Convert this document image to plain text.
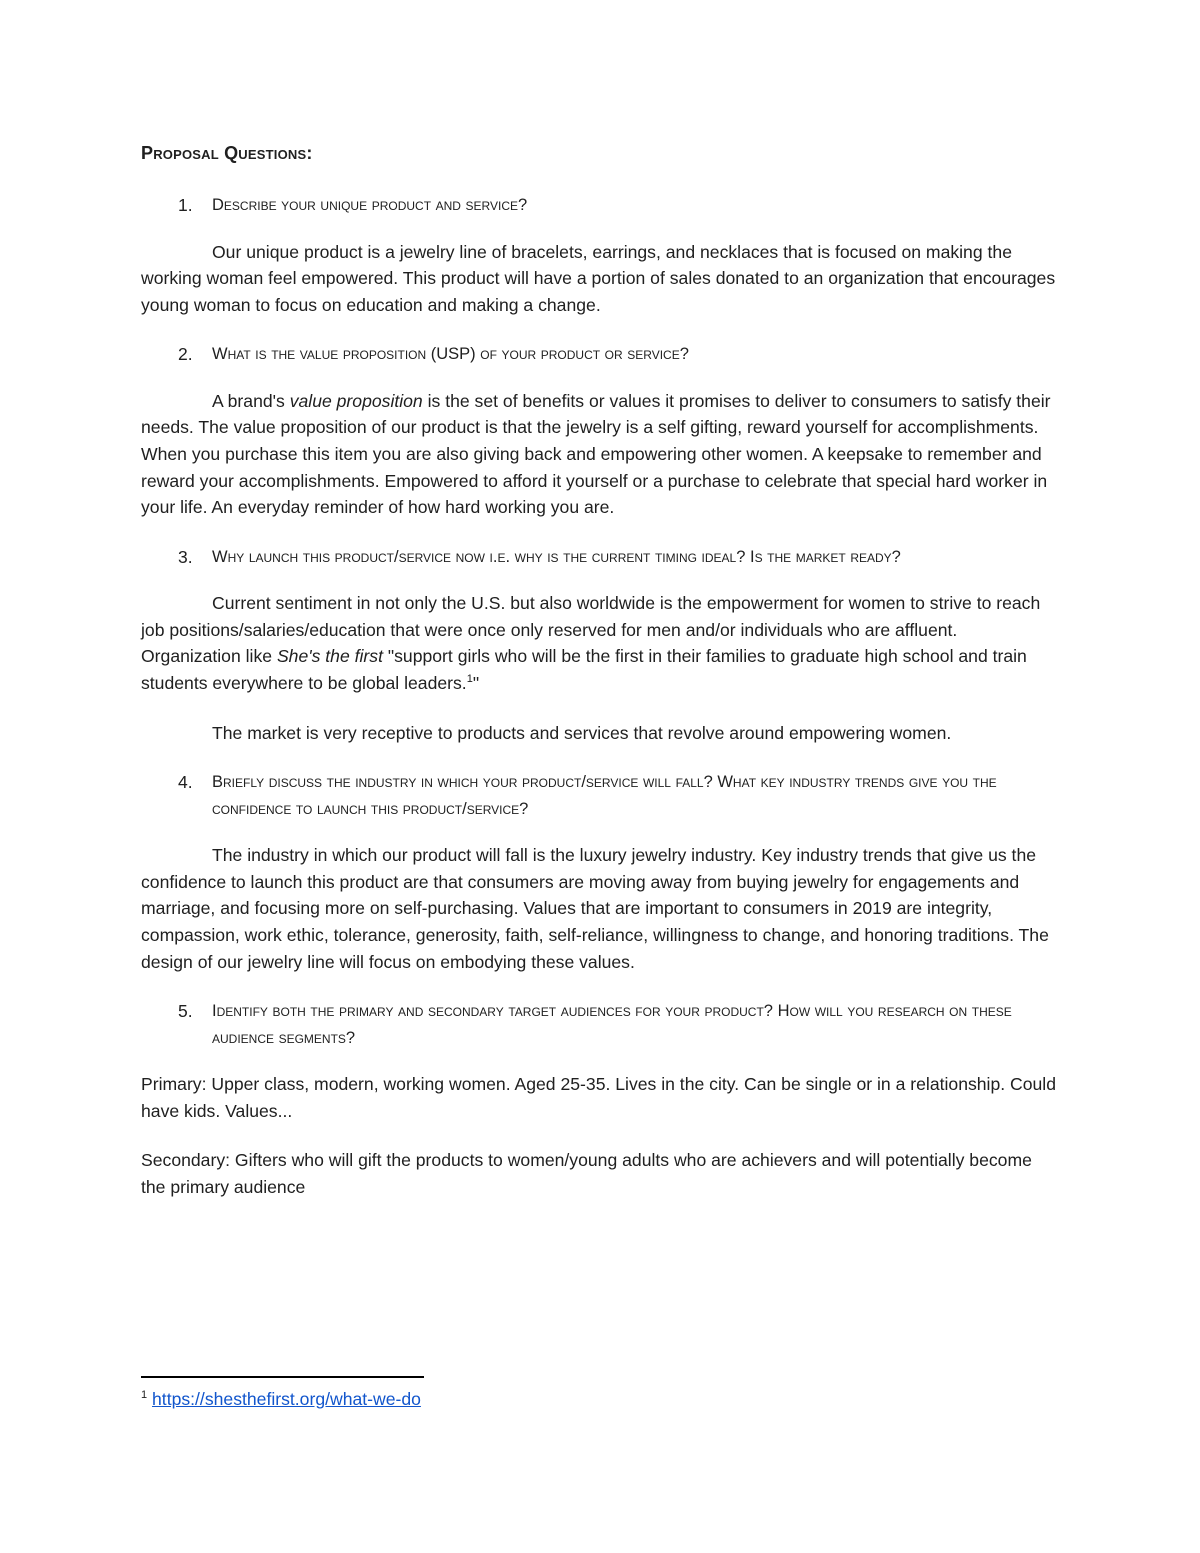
Proposal Questions:
1.	Describe your unique product and service?

Our unique product is a jewelry line of bracelets, earrings, and necklaces that is focused on making the working woman feel empowered. This product will have a portion of sales donated to an organization that encourages young woman to focus on education and making a change.

2.	What is the value proposition (USP) of your product or service?

A brand's value proposition is the set of benefits or values it promises to deliver to consumers to satisfy their needs. The value proposition of our product is that the jewelry is a self gifting, reward yourself for accomplishments. When you purchase this item you are also giving back and empowering other women. A keepsake to remember and reward your accomplishments. Empowered to afford it yourself or a purchase to celebrate that special hard worker in your life. An everyday reminder of how hard working you are.

3.	Why launch this product/service now i.e. why is the current timing ideal? Is the market ready?

Current sentiment in not only the U.S. but also worldwide is the empowerment for women to strive to reach job positions/salaries/education that were once only reserved for men and/or individuals who are affluent. Organization like She's the first "support girls who will be the first in their families to graduate high school and train students everywhere to be global leaders.$^1$"

The market is very receptive to products and services that revolve around empowering women.

4.	Briefly discuss the industry in which your product/service will fall? What key industry trends give you the confidence to launch this product/service?

The industry in which our product will fall is the luxury jewelry industry. Key industry trends that give us the confidence to launch this product are that consumers are moving away from buying jewelry for engagements and marriage, and focusing more on self-purchasing. Values that are important to consumers in 2019 are integrity, compassion, work ethic, tolerance, generosity, faith, self-reliance, willingness to change, and honoring traditions. The design of our jewelry line will focus on embodying these values.

5.	Identify both the primary and secondary target audiences for your product? How will you research on these audience segments?

Primary: Upper class, modern, working women. Aged 25-35. Lives in the city. Can be single or in a relationship. Could have kids. Values...

Secondary: Gifters who will gift the products to women/young adults who are achievers and will potentially become the primary audience

$^1$ https://shesthefirst.org/what-we-do
